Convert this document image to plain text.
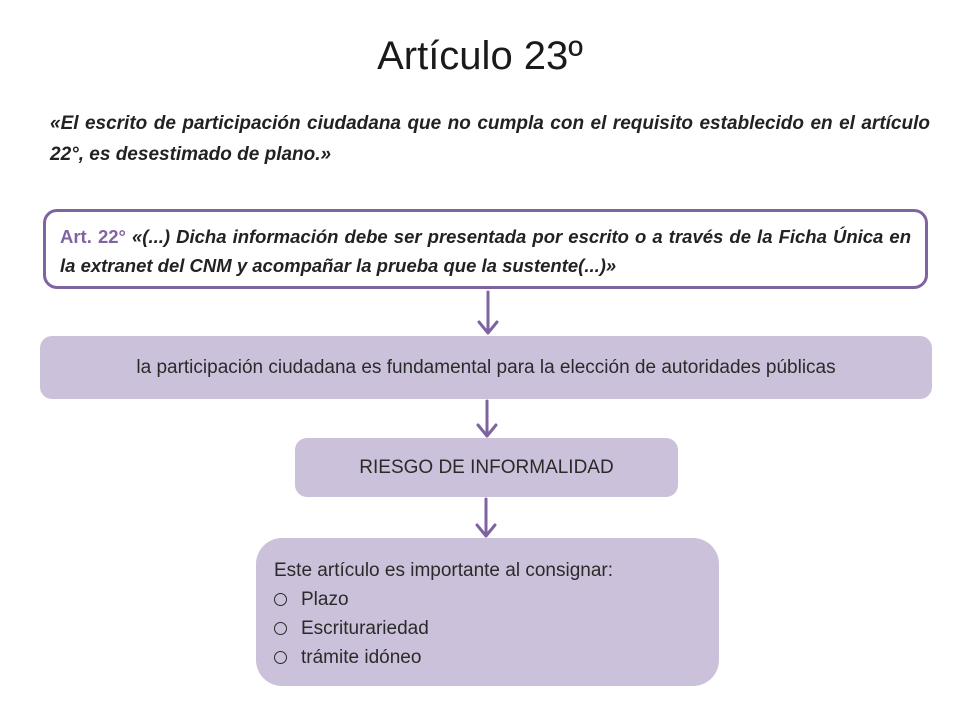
Artículo 23º
«El escrito de participación ciudadana que no cumpla con el requisito establecido en el artículo 22°, es desestimado de plano.»
Art. 22° «(...) Dicha información debe ser presentada por escrito o a través de la Ficha Única en la extranet del CNM y acompañar la prueba que la sustente(...)»
la participación ciudadana es fundamental para la elección de autoridades públicas
RIESGO DE INFORMALIDAD
Este artículo es importante al consignar:
Plazo
Escriturariedad
trámite idóneo
